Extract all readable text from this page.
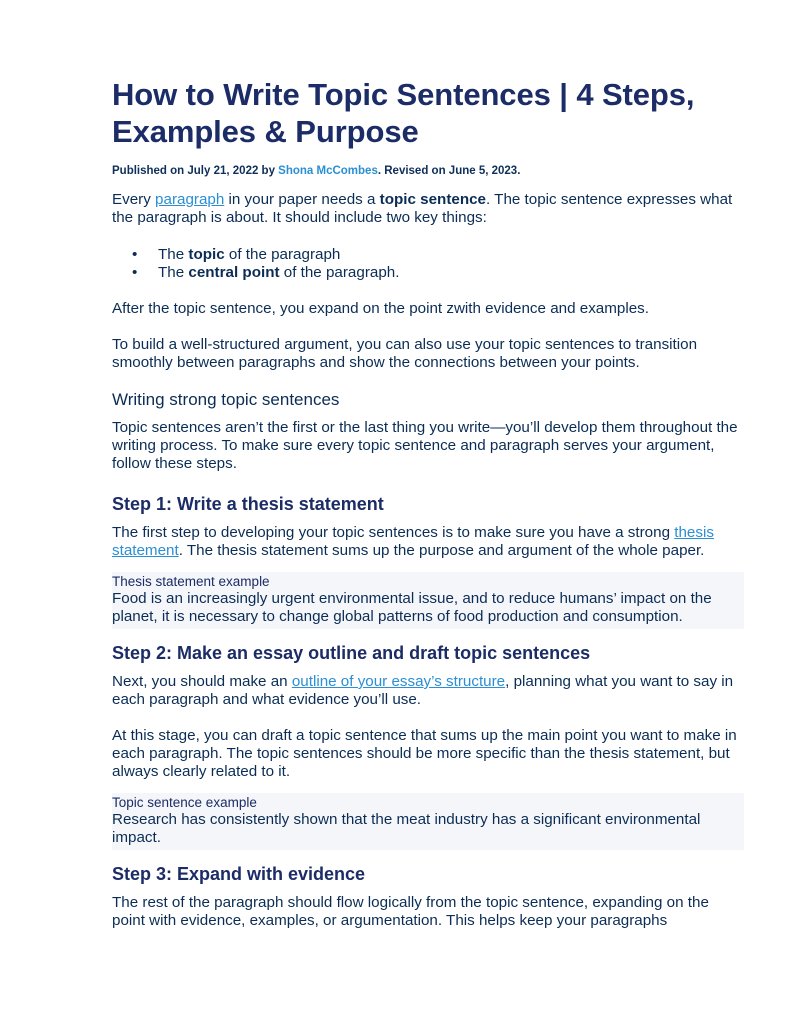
How to Write Topic Sentences | 4 Steps, Examples & Purpose
Published on July 21, 2022 by Shona McCombes. Revised on June 5, 2023.

Every paragraph in your paper needs a topic sentence. The topic sentence expresses what the paragraph is about. It should include two key things:

• The topic of the paragraph
• The central point of the paragraph.

After the topic sentence, you expand on the point zwith evidence and examples.

To build a well-structured argument, you can also use your topic sentences to transition smoothly between paragraphs and show the connections between your points.

Writing strong topic sentences

Topic sentences aren’t the first or the last thing you write—you’ll develop them throughout the writing process. To make sure every topic sentence and paragraph serves your argument, follow these steps.

Step 1: Write a thesis statement

The first step to developing your topic sentences is to make sure you have a strong thesis statement. The thesis statement sums up the purpose and argument of the whole paper.

Thesis statement example
Food is an increasingly urgent environmental issue, and to reduce humans’ impact on the planet, it is necessary to change global patterns of food production and consumption.
Step 2: Make an essay outline and draft topic sentences

Next, you should make an outline of your essay’s structure, planning what you want to say in each paragraph and what evidence you’ll use.

At this stage, you can draft a topic sentence that sums up the main point you want to make in each paragraph. The topic sentences should be more specific than the thesis statement, but always clearly related to it.

Topic sentence example
Research has consistently shown that the meat industry has a significant environmental impact.
Step 3: Expand with evidence

The rest of the paragraph should flow logically from the topic sentence, expanding on the point with evidence, examples, or argumentation. This helps keep your paragraphs
